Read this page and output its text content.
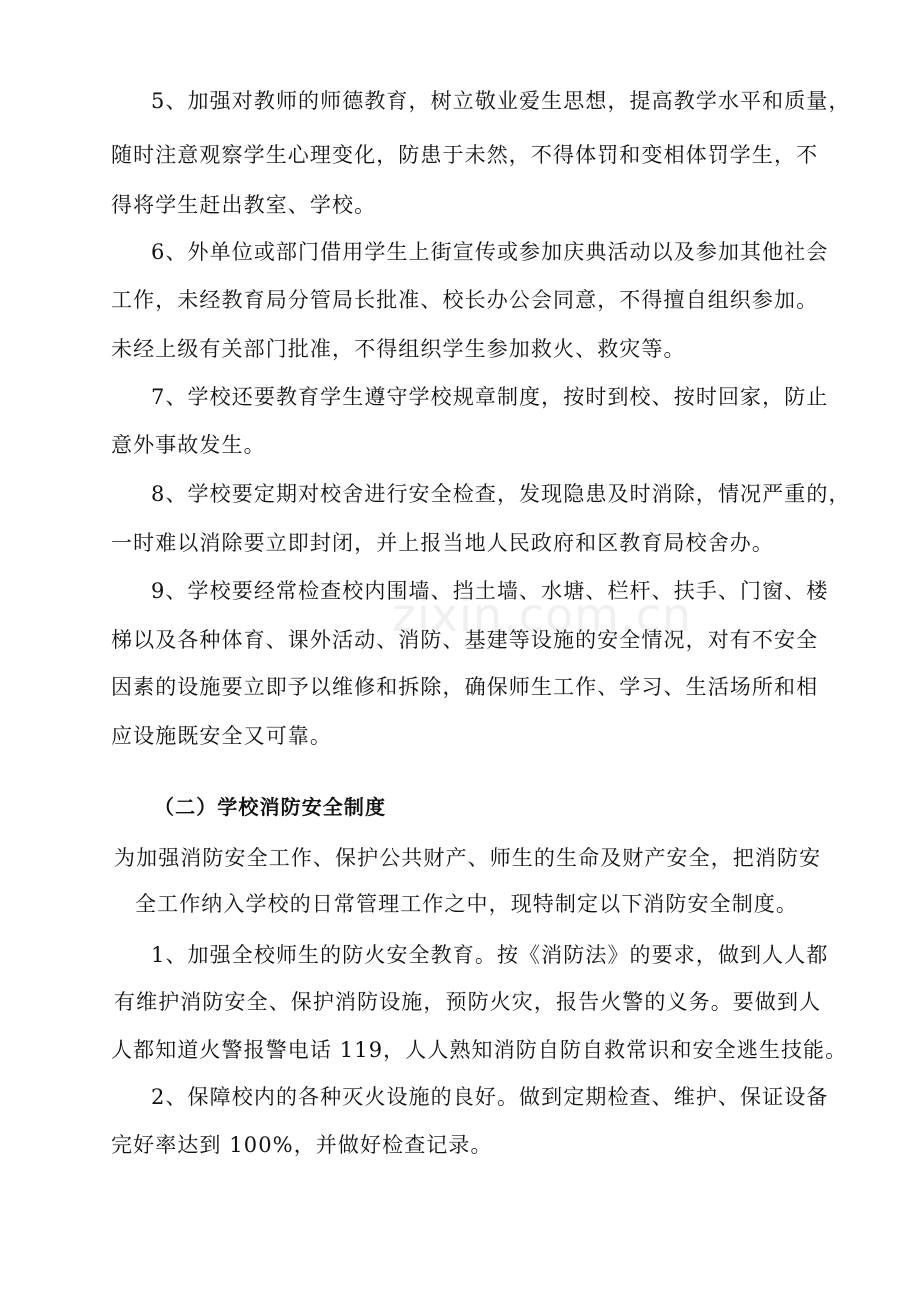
zixin.com.cn
5、加强对教师的师德教育，树立敬业爱生思想，提高教学水平和质量，
随时注意观察学生心理变化，防患于未然，不得体罚和变相体罚学生，不
得将学生赶出教室、学校。
6、外单位或部门借用学生上街宣传或参加庆典活动以及参加其他社会
工作，未经教育局分管局长批准、校长办公会同意，不得擅自组织参加。
未经上级有关部门批准，不得组织学生参加救火、救灾等。
7、学校还要教育学生遵守学校规章制度，按时到校、按时回家，防止
意外事故发生。
8、学校要定期对校舍进行安全检查，发现隐患及时消除，情况严重的，
一时难以消除要立即封闭，并上报当地人民政府和区教育局校舍办。
9、学校要经常检查校内围墙、挡土墙、水塘、栏杆、扶手、门窗、楼
梯以及各种体育、课外活动、消防、基建等设施的安全情况，对有不安全
因素的设施要立即予以维修和拆除，确保师生工作、学习、生活场所和相
应设施既安全又可靠。
（二）学校消防安全制度
为加强消防安全工作、保护公共财产、师生的生命及财产安全，把消防安
全工作纳入学校的日常管理工作之中，现特制定以下消防安全制度。
1、加强全校师生的防火安全教育。按《消防法》的要求，做到人人都
有维护消防安全、保护消防设施，预防火灾，报告火警的义务。要做到人
人都知道火警报警电话 119，人人熟知消防自防自救常识和安全逃生技能。
2、保障校内的各种灭火设施的良好。做到定期检查、维护、保证设备
完好率达到 100%，并做好检查记录。
